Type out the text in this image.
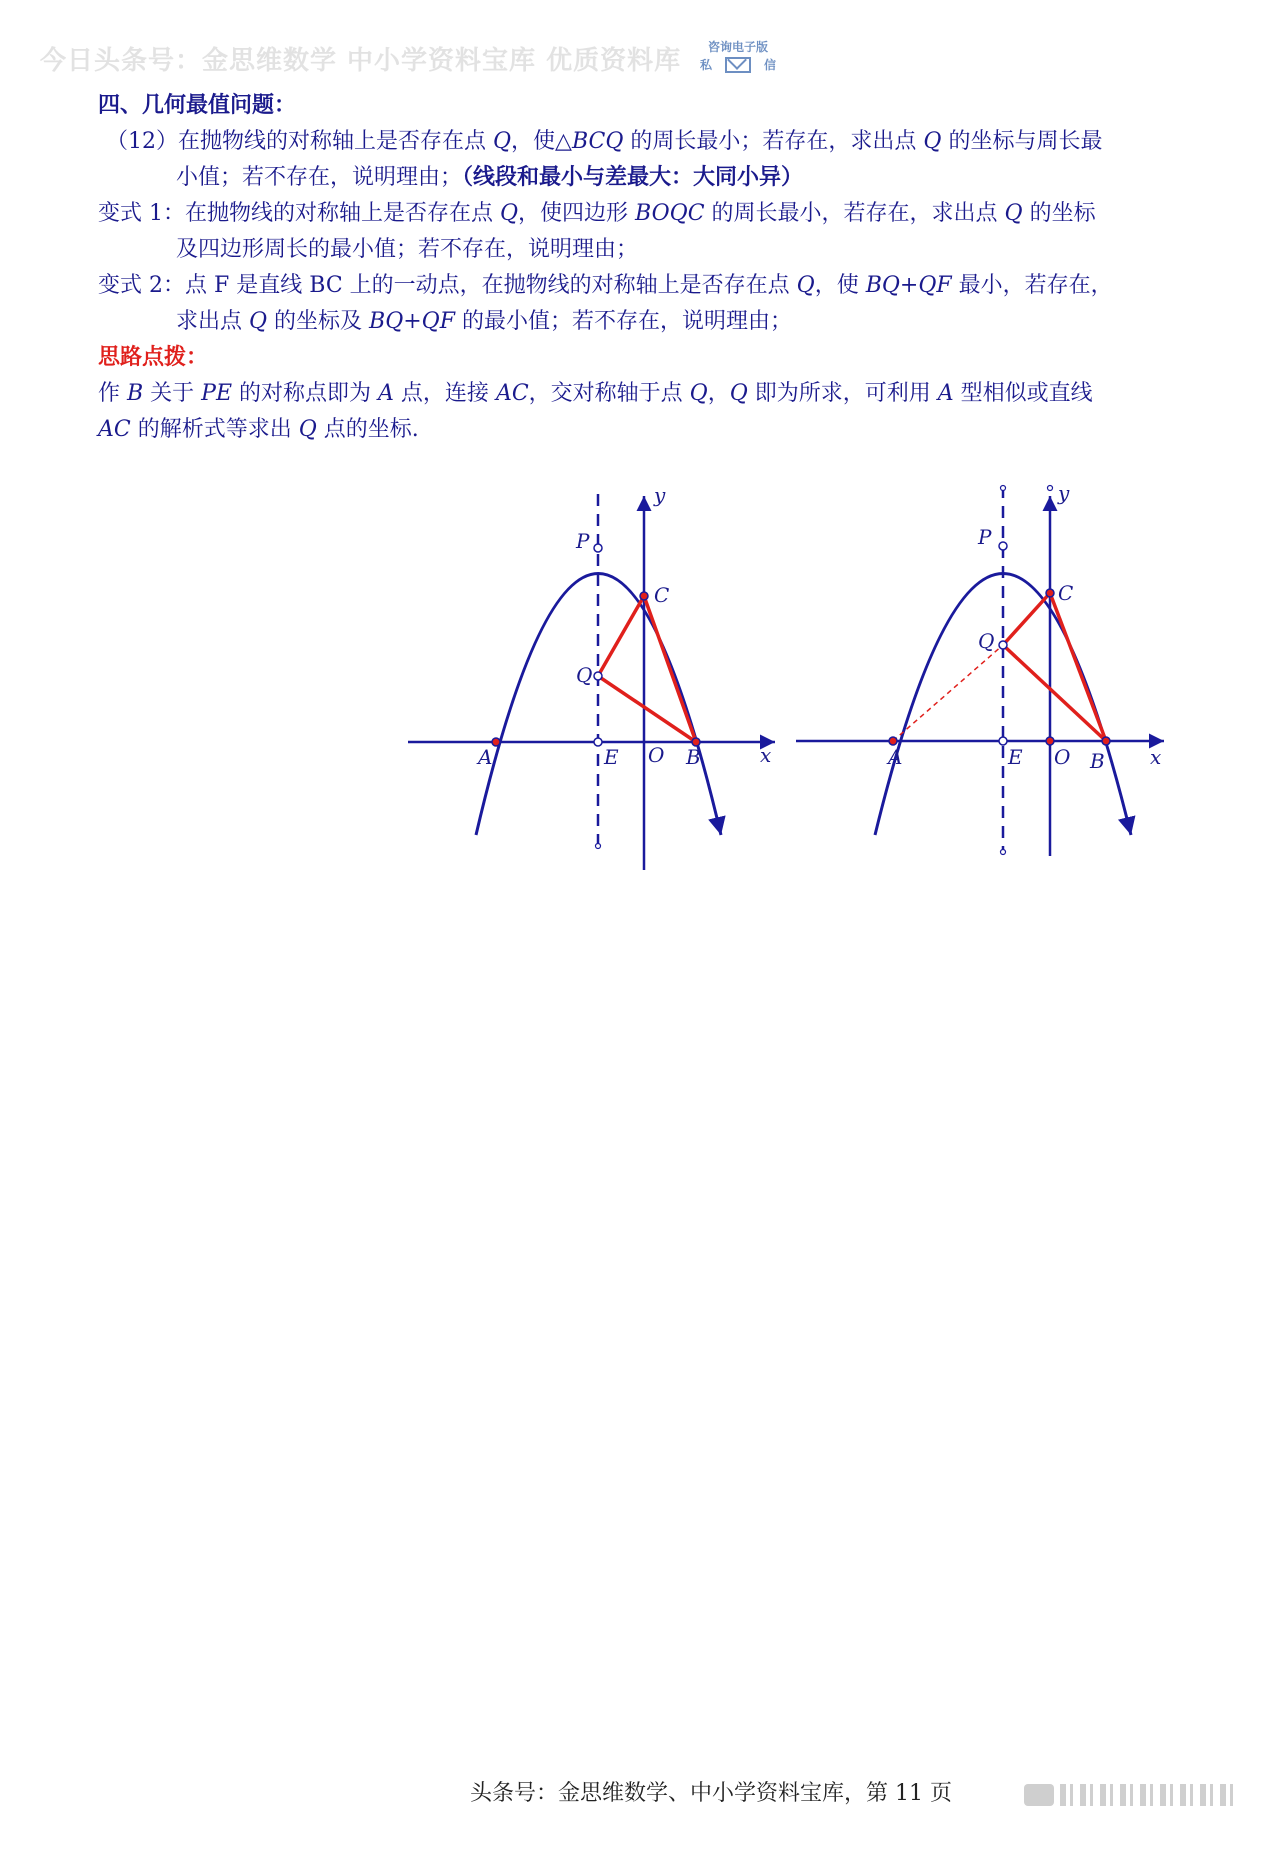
今日头条号：金思维数学 中小学资料宝库 优质资料库	咨询电子版
私	信
四、几何最值问题：
（12）在抛物线的对称轴上是否存在点 Q，使△BCQ 的周长最小；若存在，求出点 Q 的坐标与周长最
小值；若不存在，说明理由；（线段和最小与差最大：大同小异）
变式 1：在抛物线的对称轴上是否存在点 Q，使四边形 BOQC 的周长最小，若存在，求出点 Q 的坐标
及四边形周长的最小值；若不存在，说明理由；
变式 2：点 F 是直线 BC 上的一动点，在抛物线的对称轴上是否存在点 Q，使 BQ+QF 最小，若存在，
求出点 Q 的坐标及 BQ+QF 的最小值；若不存在，说明理由；
思路点拨：
作 B 关于 PE 的对称点即为 A 点，连接 AC，交对称轴于点 Q，Q 即为所求，可利用 A 型相似或直线
AC 的解析式等求出 Q 点的坐标.
P
C
Q
A	E O B	x
y
P
C
Q
A	E O B x
y
头条号：金思维数学、中小学资料宝库，第 11 页
